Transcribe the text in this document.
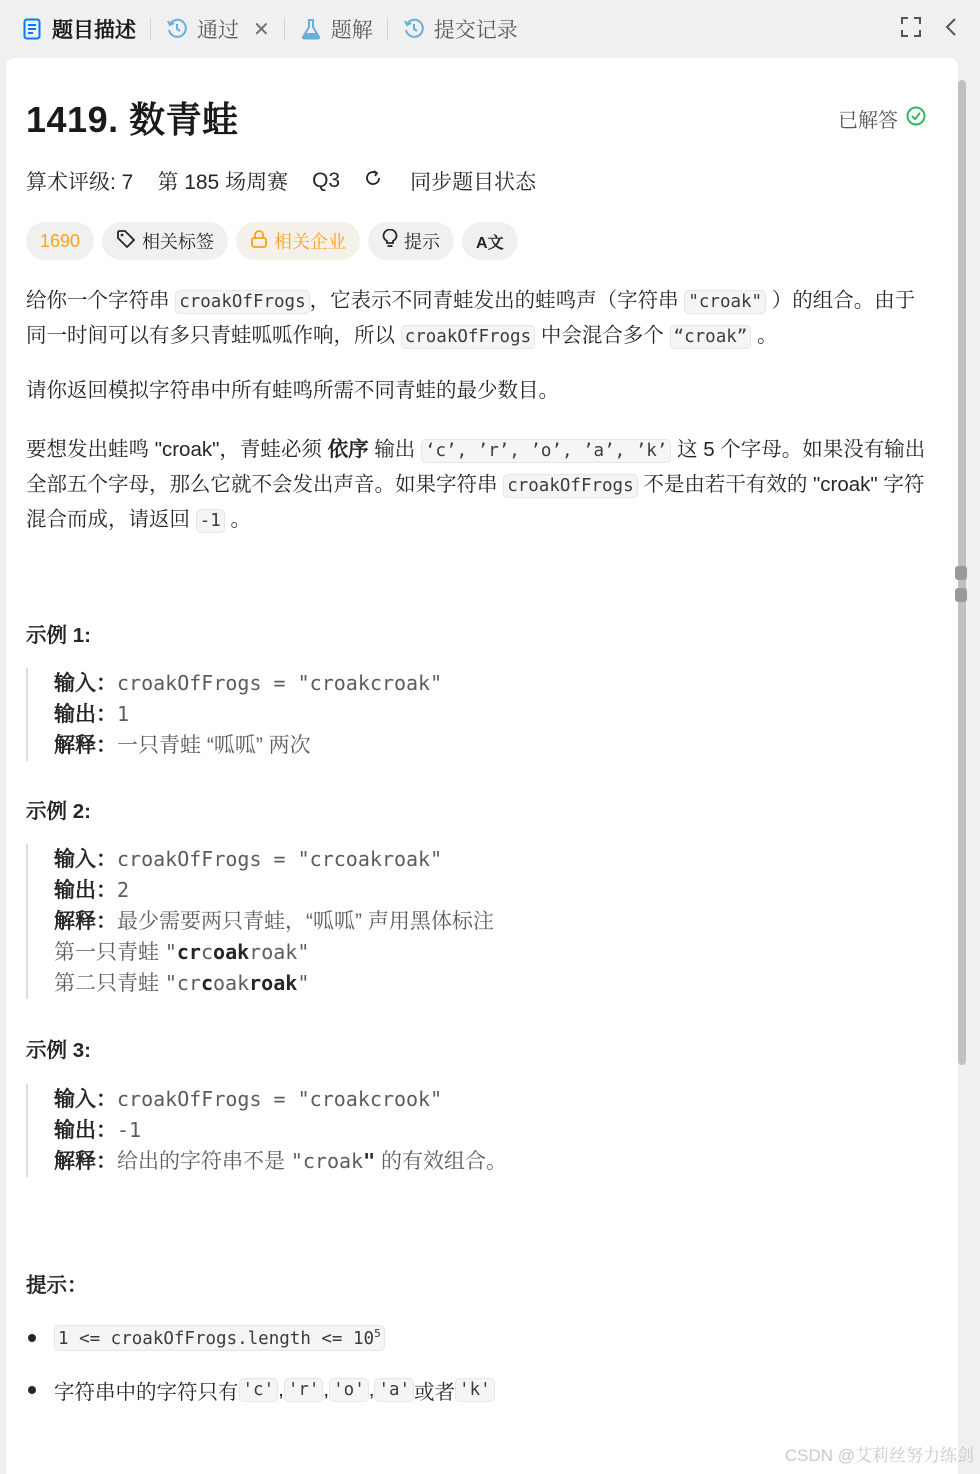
题目描述	通过 ✕	题解	提交记录
1419. 数青蛙	已解答
算术评级: 7 第 185 场周赛 Q3	同步题目状态
1690	相关标签	相关企业	提示 A文
给你一个字符串 croakOfFrogs ，它表示不同青蛙发出的蛙鸣声（字符串 "croak" ）的组合。由于同一时间可以有多只青蛙呱呱作响，所以 croakOfFrogs 中会混合多个 “croak” 。
请你返回模拟字符串中所有蛙鸣所需不同青蛙的最少数目。
要想发出蛙鸣 "croak"，青蛙必须 依序 输出 ‘c’, ’r’, ’o’, ’a’, ’k’ 这 5 个字母。如果没有输出全部五个字母，那么它就不会发出声音。如果字符串 croakOfFrogs 不是由若干有效的 "croak" 字符混合而成，请返回 -1 。
示例 1:
输入：croakOfFrogs = "croakcroak"
输出：1
解释：一只青蛙 “呱呱” 两次
示例 2:
输入：croakOfFrogs = "crcoakroak"
输出：2
解释：最少需要两只青蛙，“呱呱” 声用黑体标注
第一只青蛙 "crcoakroak"
第二只青蛙 "crcoakroak"
示例 3:
输入：croakOfFrogs = "croakcrook"
输出：-1
解释：给出的字符串不是 "croak" 的有效组合。
提示：
1 <= croakOfFrogs.length <= $10^5$
字符串中的字符只有 'c' , 'r' , 'o' , 'a' 或者 'k'
CSDN @艾莉丝努力练剑
